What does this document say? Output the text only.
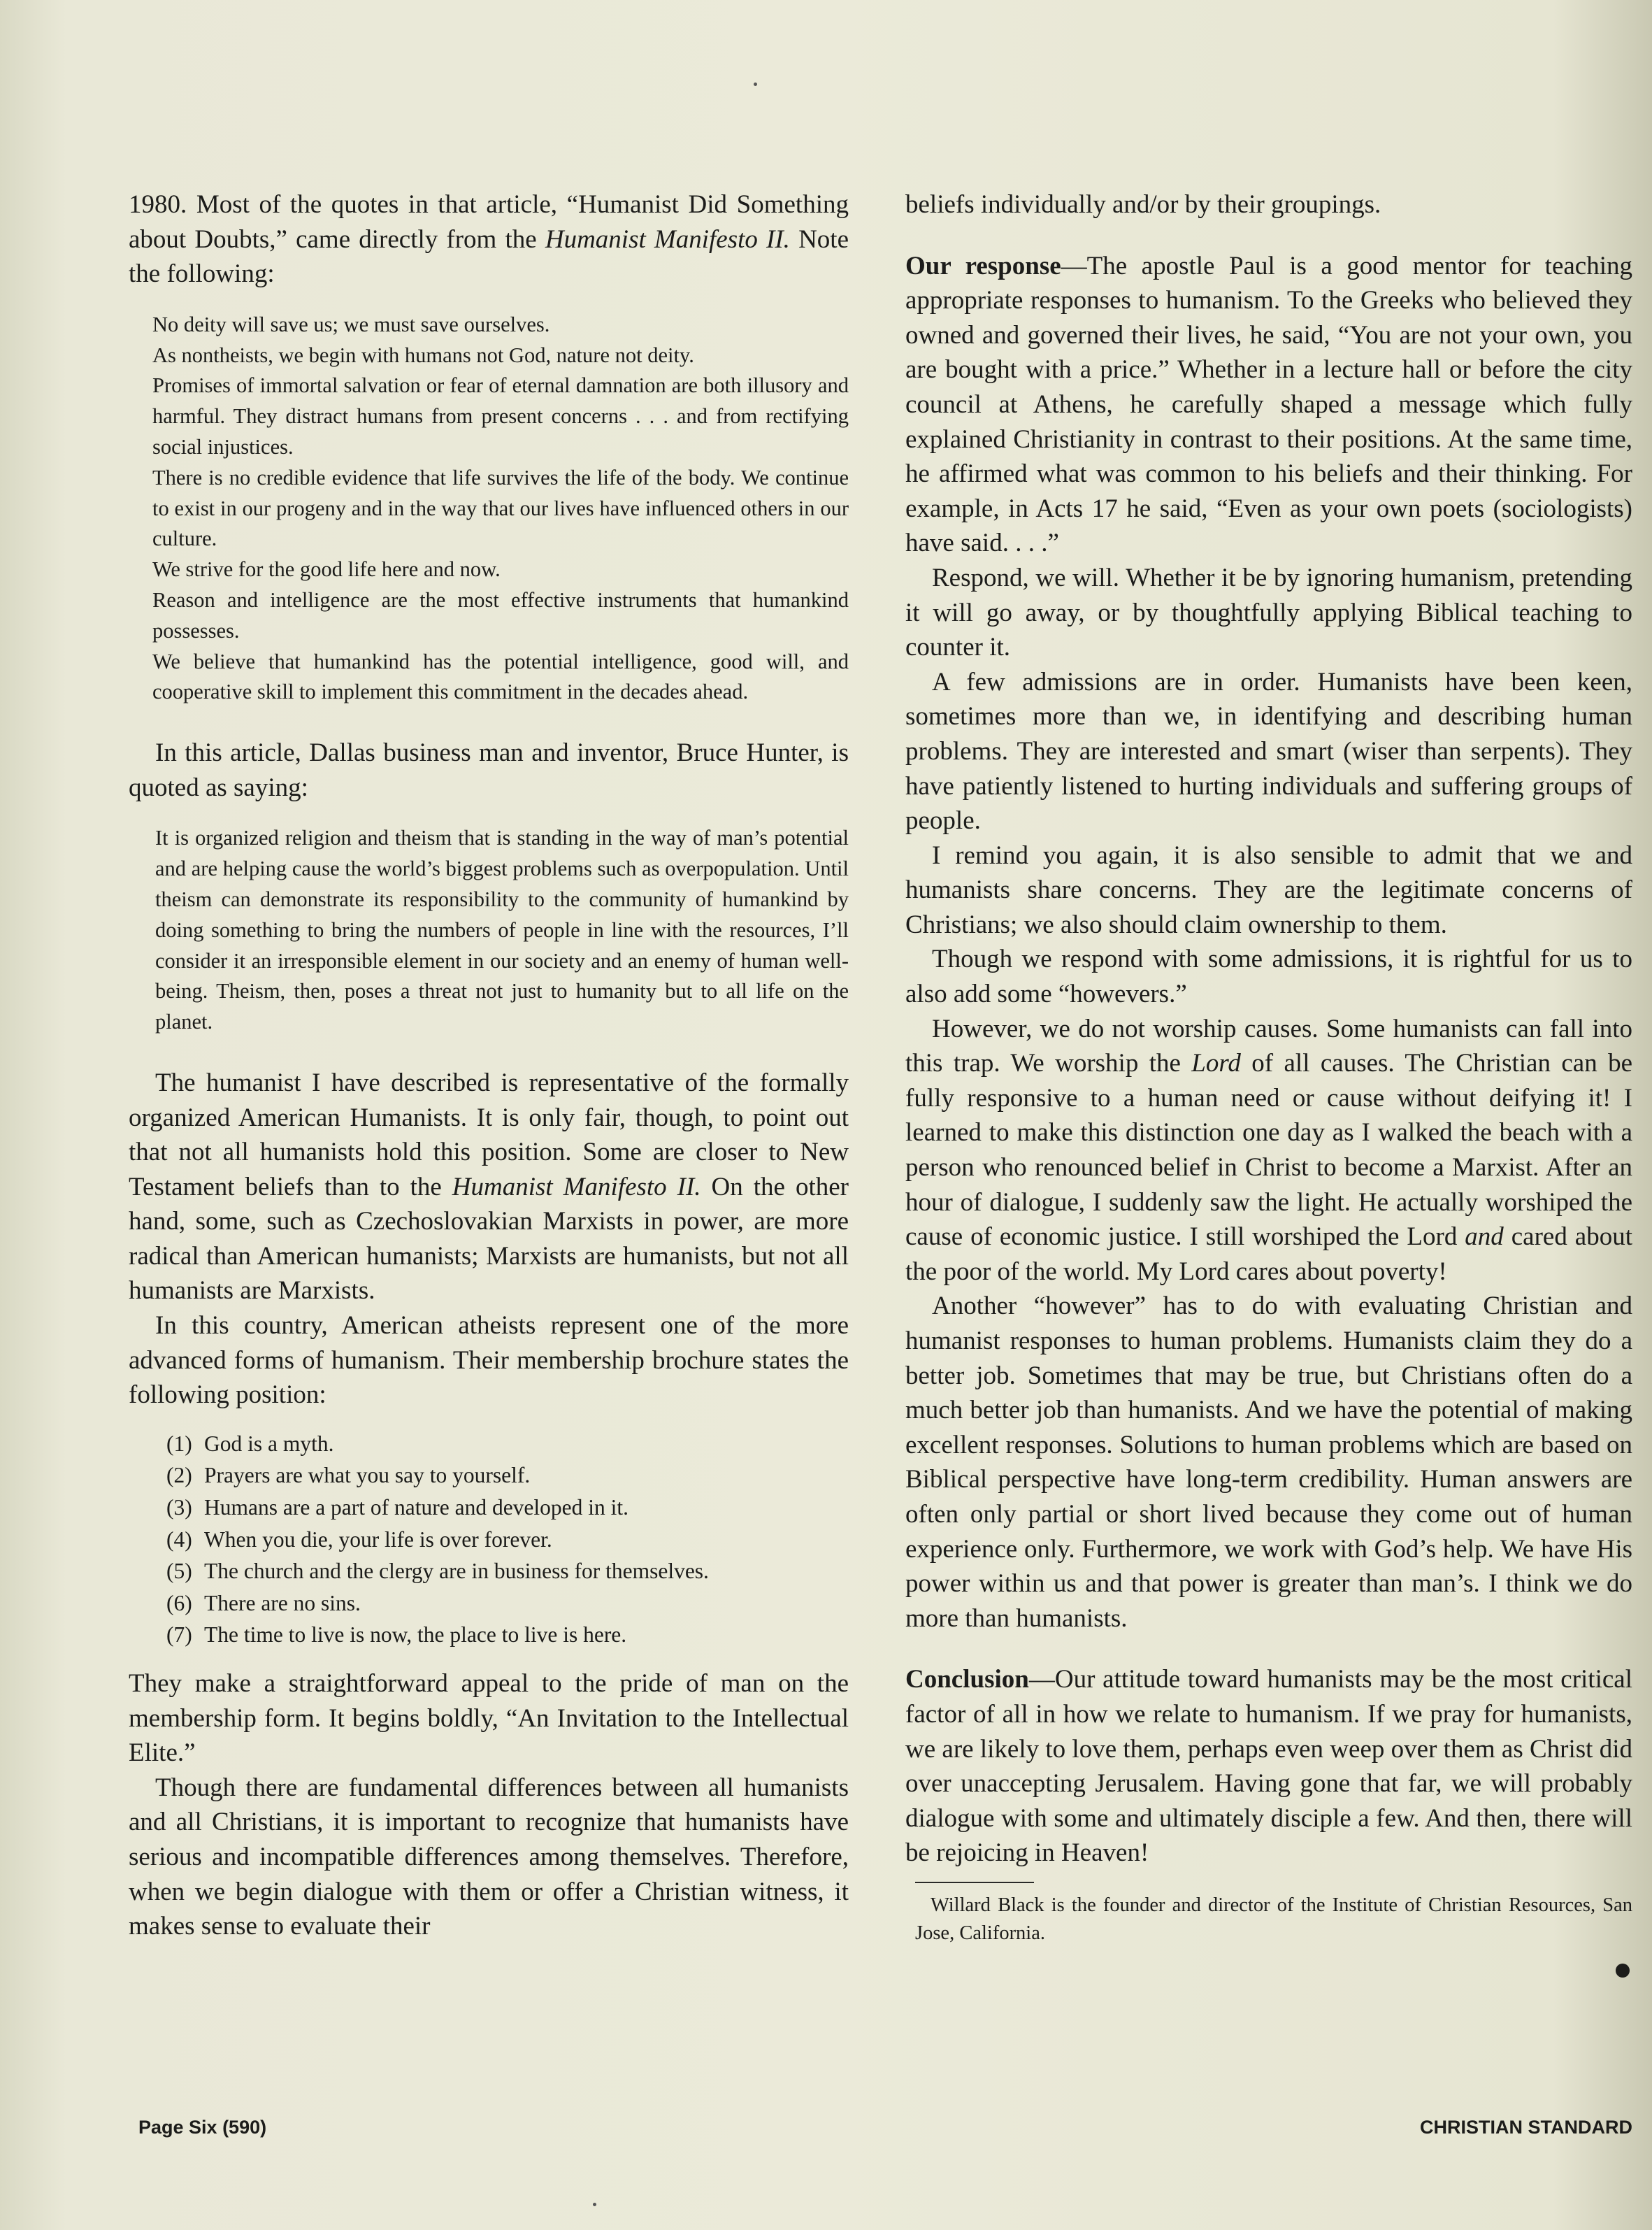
1980. Most of the quotes in that article, “Humanist Did Something about Doubts,” came directly from the Humanist Manifesto II. Note the following:

No deity will save us; we must save ourselves.

As nontheists, we begin with humans not God, nature not deity.

Promises of immortal salvation or fear of eternal damnation are both illusory and harmful. They distract humans from present concerns . . . and from rectifying social injustices.

There is no credible evidence that life survives the life of the body. We continue to exist in our progeny and in the way that our lives have influenced others in our culture.

We strive for the good life here and now.

Reason and intelligence are the most effective instruments that humankind possesses.

We believe that humankind has the potential intelligence, good will, and cooperative skill to implement this commitment in the decades ahead.

In this article, Dallas business man and inventor, Bruce Hunter, is quoted as saying:

It is organized religion and theism that is standing in the way of man’s potential and are helping cause the world’s biggest problems such as overpopulation. Until theism can demonstrate its responsibility to the community of humankind by doing something to bring the numbers of people in line with the resources, I’ll consider it an irresponsible element in our society and an enemy of human well-being. Theism, then, poses a threat not just to humanity but to all life on the planet.

The humanist I have described is representative of the formally organized American Humanists. It is only fair, though, to point out that not all humanists hold this position. Some are closer to New Testament beliefs than to the Humanist Manifesto II. On the other hand, some, such as Czechoslovakian Marxists in power, are more radical than American humanists; Marxists are humanists, but not all humanists are Marxists.

In this country, American atheists represent one of the more advanced forms of humanism. Their membership brochure states the following position:

(1) God is a myth.
(2) Prayers are what you say to yourself.
(3) Humans are a part of nature and developed in it.
(4) When you die, your life is over forever.
(5) The church and the clergy are in business for themselves.
(6) There are no sins.
(7) The time to live is now, the place to live is here.

They make a straightforward appeal to the pride of man on the membership form. It begins boldly, “An Invitation to the Intellectual Elite.”

Though there are fundamental differences between all humanists and all Christians, it is important to recognize that humanists have serious and incompatible differences among themselves. Therefore, when we begin dialogue with them or offer a Christian witness, it makes sense to evaluate their

beliefs individually and/or by their groupings.

Our response—The apostle Paul is a good mentor for teaching appropriate responses to humanism. To the Greeks who believed they owned and governed their lives, he said, “You are not your own, you are bought with a price.” Whether in a lecture hall or before the city council at Athens, he carefully shaped a message which fully explained Christianity in contrast to their positions. At the same time, he affirmed what was common to his beliefs and their thinking. For example, in Acts 17 he said, “Even as your own poets (sociologists) have said. . . .”

Respond, we will. Whether it be by ignoring humanism, pretending it will go away, or by thoughtfully applying Biblical teaching to counter it.

A few admissions are in order. Humanists have been keen, sometimes more than we, in identifying and describing human problems. They are interested and smart (wiser than serpents). They have patiently listened to hurting individuals and suffering groups of people.

I remind you again, it is also sensible to admit that we and humanists share concerns. They are the legitimate concerns of Christians; we also should claim ownership to them.

Though we respond with some admissions, it is rightful for us to also add some “howevers.”

However, we do not worship causes. Some humanists can fall into this trap. We worship the Lord of all causes. The Christian can be fully responsive to a human need or cause without deifying it! I learned to make this distinction one day as I walked the beach with a person who renounced belief in Christ to become a Marxist. After an hour of dialogue, I suddenly saw the light. He actually worshiped the cause of economic justice. I still worshiped the Lord and cared about the poor of the world. My Lord cares about poverty!

Another “however” has to do with evaluating Christian and humanist responses to human problems. Humanists claim they do a better job. Sometimes that may be true, but Christians often do a much better job than humanists. And we have the potential of making excellent responses. Solutions to human problems which are based on Biblical perspective have long-term credibility. Human answers are often only partial or short lived because they come out of human experience only. Furthermore, we work with God’s help. We have His power within us and that power is greater than man’s. I think we do more than humanists.

Conclusion—Our attitude toward humanists may be the most critical factor of all in how we relate to humanism. If we pray for humanists, we are likely to love them, perhaps even weep over them as Christ did over unaccepting Jerusalem. Having gone that far, we will probably dialogue with some and ultimately disciple a few. And then, there will be rejoicing in Heaven!

Willard Black is the founder and director of the Institute of Christian Resources, San Jose, California.

Page Six (590)	CHRISTIAN STANDARD
